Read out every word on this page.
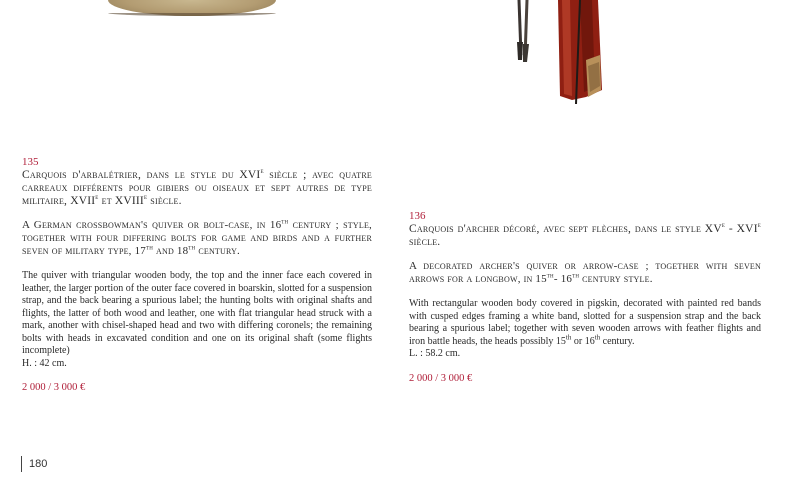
135

Carquois d'arbalétrier, dans le style du XVIe siècle ; avec quatre carreaux différents pour gibiers ou oiseaux et sept autres de type militaire, XVIIe et XVIIIe siècle.

A German crossbowman's quiver or bolt-case, in 16th century ; style, together with four differing bolts for game and birds and a further seven of military type, 17th and 18th century.

The quiver with triangular wooden body, the top and the inner face each covered in leather, the larger portion of the outer face covered in boarskin, slotted for a suspension strap, and the back bearing a spurious label; the hunting bolts with original shafts and flights, the latter of both wood and leather, one with flat triangular head struck with a mark, another with chisel-shaped head and two with differing coronels; the remaining bolts with heads in excavated condition and one on its original shaft (some flights incomplete)

H. : 42 cm.

2 000 / 3 000 €

136

Carquois d'archer décoré, avec sept flèches, dans le style XVe - XVIe siècle.

A decorated archer's quiver or arrow-case ; together with seven arrows for a longbow, in 15th- 16th century style.

With rectangular wooden body covered in pigskin, decorated with painted red bands with cusped edges framing a white band, slotted for a suspension strap and the back bearing a spurious label; together with seven wooden arrows with feather flights and iron battle heads, the heads possibly 15th or 16th century.

L. : 58.2 cm.

2 000 / 3 000 €

180
